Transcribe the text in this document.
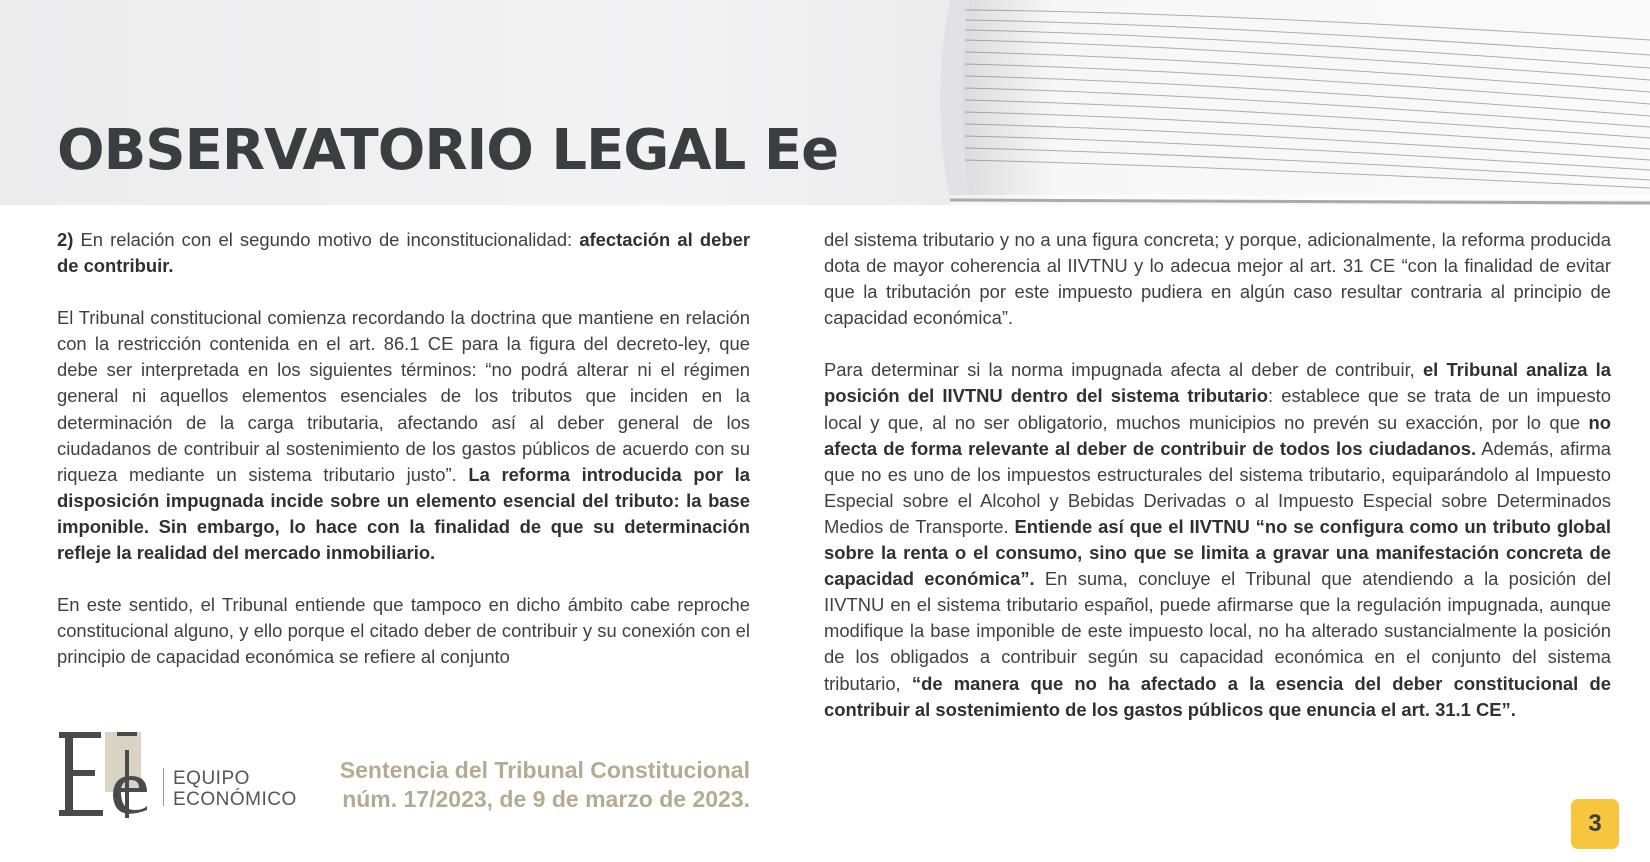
OBSERVATORIO LEGAL Ee

2) En relación con el segundo motivo de inconstitucionalidad: afectación al deber de contribuir.

El Tribunal constitucional comienza recordando la doctrina que mantiene en relación con la restricción contenida en el art. 86.1 CE para la figura del decreto-ley, que debe ser interpretada en los siguientes términos: “no podrá alterar ni el régimen general ni aquellos elementos esenciales de los tributos que inciden en la determinación de la carga tributaria, afectando así al deber general de los ciudadanos de contribuir al sostenimiento de los gastos públicos de acuerdo con su riqueza mediante un sistema tributario justo”. La reforma introducida por la disposición impugnada incide sobre un elemento esencial del tributo: la base imponible. Sin embargo, lo hace con la finalidad de que su determinación refleje la realidad del mercado inmobiliario.

En este sentido, el Tribunal entiende que tampoco en dicho ámbito cabe reproche constitucional alguno, y ello porque el citado deber de contribuir y su conexión con el principio de capacidad económica se refiere al conjunto

del sistema tributario y no a una figura concreta; y porque, adicionalmente, la reforma producida dota de mayor coherencia al IIVTNU y lo adecua mejor al art. 31 CE “con la finalidad de evitar que la tributación por este impuesto pudiera en algún caso resultar contraria al principio de capacidad económica”.

Para determinar si la norma impugnada afecta al deber de contribuir, el Tribunal analiza la posición del IIVTNU dentro del sistema tributario: establece que se trata de un impuesto local y que, al no ser obligatorio, muchos municipios no prevén su exacción, por lo que no afecta de forma relevante al deber de contribuir de todos los ciudadanos. Además, afirma que no es uno de los impuestos estructurales del sistema tributario, equiparándolo al Impuesto Especial sobre el Alcohol y Bebidas Derivadas o al Impuesto Especial sobre Determinados Medios de Transporte. Entiende así que el IIVTNU “no se configura como un tributo global sobre la renta o el consumo, sino que se limita a gravar una manifestación concreta de capacidad económica”. En suma, concluye el Tribunal que atendiendo a la posición del IIVTNU en el sistema tributario español, puede afirmarse que la regulación impugnada, aunque modifique la base imponible de este impuesto local, no ha alterado sustancialmente la posición de los obligados a contribuir según su capacidad económica en el conjunto del sistema tributario, “de manera que no ha afectado a la esencia del deber constitucional de contribuir al sostenimiento de los gastos públicos que enuncia el art. 31.1 CE”.

EQUIPO
ECONÓMICO
Sentencia del Tribunal Constitucional
núm. 17/2023, de 9 de marzo de 2023.
3
